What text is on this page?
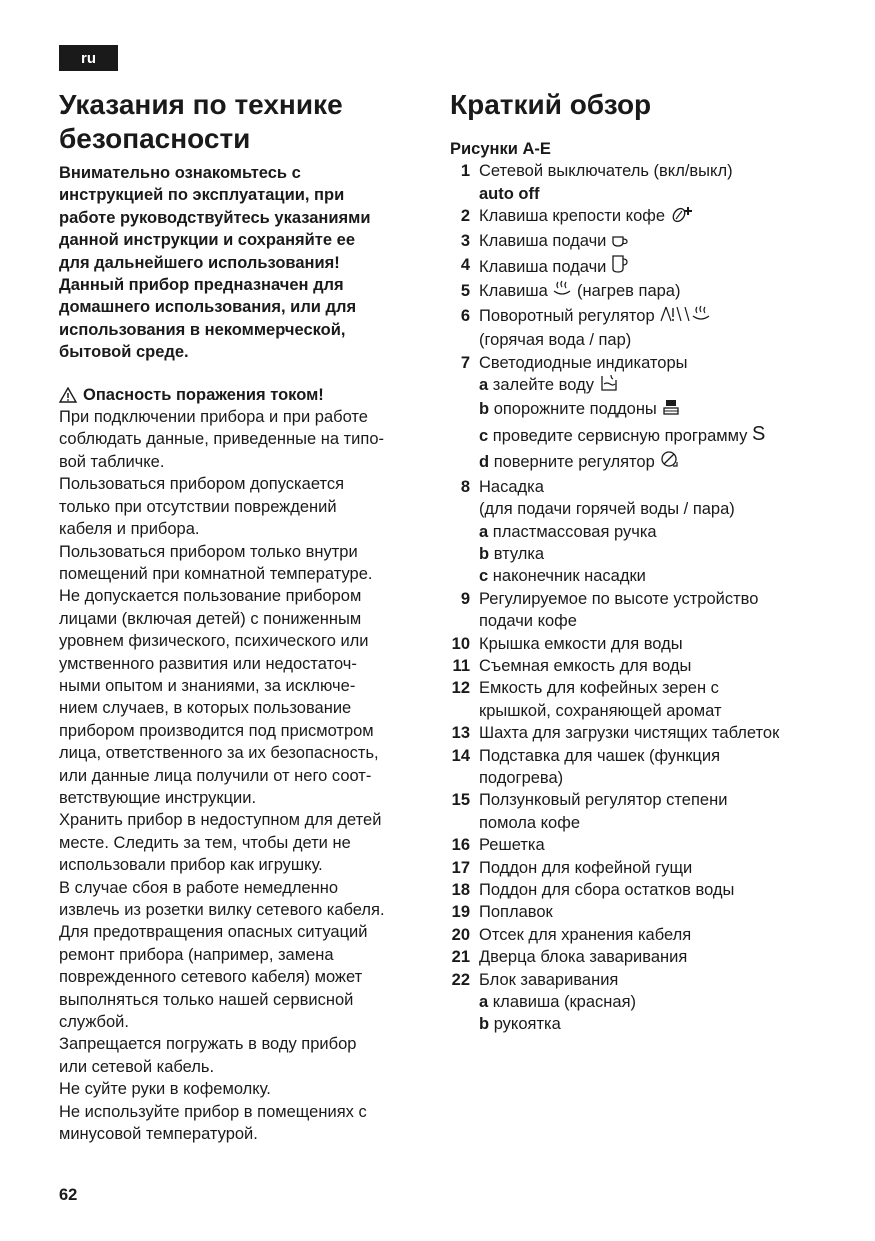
ru
Указания по технике безопасности
Внимательно ознакомьтесь с
инструкцией по эксплуатации, при
работе руководствуйтесь указаниями
данной инструкции и сохраняйте ее
для дальнейшего использования!
Данный прибор предназначен для
домашнего использования, или для
использования в некоммерческой,
бытовой среде.
Опасность поражения током!

При подключении прибора и при работе

соблюдать данные, приведенные на типо-

вой табличке.

Пользоваться прибором допускается

только при отсутствии повреждений

кабеля и прибора.

Пользоваться прибором только внутри

помещений при комнатной температуре.

Не допускается пользование прибором

лицами (включая детей) с пониженным

уровнем физического, психического или

умственного развития или недостаточ-

ными опытом и знаниями, за исключе-

нием случаев, в которых пользование

прибором производится под присмотром

лица, ответственного за их безопасность,

или данные лица получили от него соот-

ветствующие инструкции.

Хранить прибор в недоступном для детей

месте. Следить за тем, чтобы дети не

использовали прибор как игрушку.

В случае сбоя в работе немедленно

извлечь из розетки вилку сетевого кабеля.

Для предотвращения опасных ситуаций

ремонт прибора (например, замена

поврежденного сетевого кабеля) может

выполняться только нашей сервисной

службой.

Запрещается погружать в воду прибор

или сетевой кабель.

Не суйте руки в кофемолку.

Не используйте прибор в помещениях с

минусовой температурой.

Краткий обзор
Рисунки A-E
1 Сетевой выключатель (вкл/выкл)
auto off
2 Клавиша крепости кофе
3 Клавиша подачи
4 Клавиша подачи
5 Клавиша (нагрев пара)
6 Поворотный регулятор
(горячая вода / пар)
7 Светодиодные индикаторы
a залейте воду
b опорожните поддоны
c проведите сервисную программу S
d поверните регулятор
8 Насадка
(для подачи горячей воды / пара)
a пластмассовая ручка
b втулка
c наконечник насадки
9 Регулируемое по высоте устройство
подачи кофе
10 Крышка емкости для воды
11 Съемная емкость для воды
12 Емкость для кофейных зерен с
крышкой, сохраняющей аромат
13 Шахта для загрузки чистящих таблеток
14 Подставка для чашек (функция
подогрева)
15 Ползунковый регулятор степени
помола кофе
16 Решетка
17 Поддон для кофейной гущи
18 Поддон для сбора остатков воды
19 Поплавок
20 Отсек для хранения кабеля
21 Дверца блока заваривания
22 Блок заваривания
a клавиша (красная)
b рукоятка
62
